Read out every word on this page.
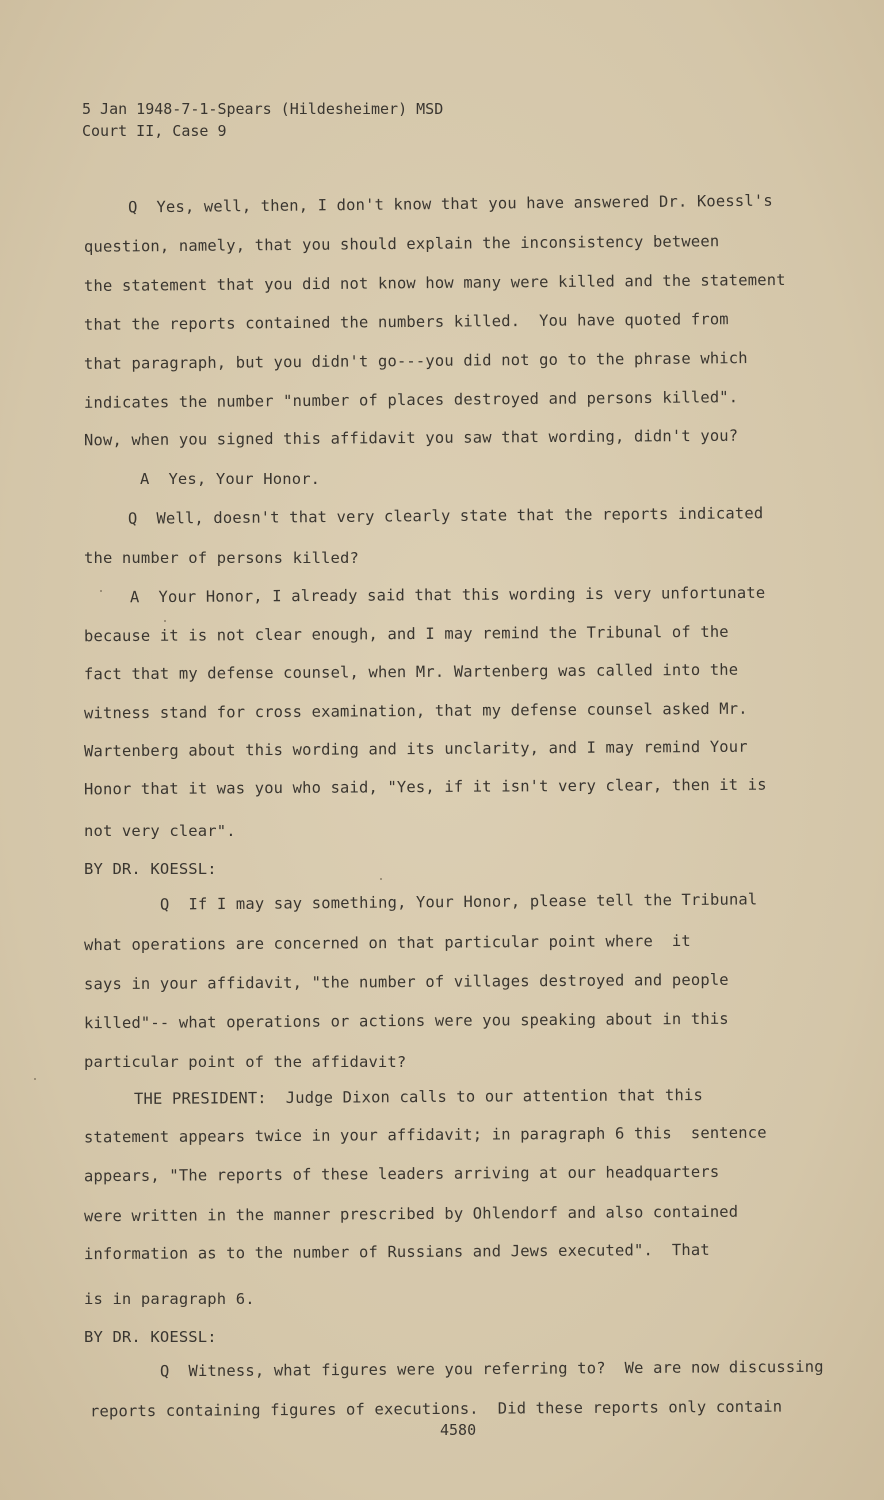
5 Jan 1948-7-1-Spears (Hildesheimer) MSD
Court II, Case 9
Q  Yes, well, then, I don't know that you have answered Dr. Koessl's
question, namely, that you should explain the inconsistency between
the statement that you did not know how many were killed and the statement
that the reports contained the numbers killed.  You have quoted from
that paragraph, but you didn't go---you did not go to the phrase which
indicates the number "number of places destroyed and persons killed".
Now, when you signed this affidavit you saw that wording, didn't you?
A  Yes, Your Honor.
Q  Well, doesn't that very clearly state that the reports indicated
the number of persons killed?
A  Your Honor, I already said that this wording is very unfortunate
because it is not clear enough, and I may remind the Tribunal of the
fact that my defense counsel, when Mr. Wartenberg was called into the
witness stand for cross examination, that my defense counsel asked Mr.
Wartenberg about this wording and its unclarity, and I may remind Your
Honor that it was you who said, "Yes, if it isn't very clear, then it is
not very clear".
BY DR. KOESSL:
Q  If I may say something, Your Honor, please tell the Tribunal
what operations are concerned on that particular point where  it
says in your affidavit, "the number of villages destroyed and people
killed"-- what operations or actions were you speaking about in this
particular point of the affidavit?
THE PRESIDENT:  Judge Dixon calls to our attention that this
statement appears twice in your affidavit; in paragraph 6 this  sentence
appears, "The reports of these leaders arriving at our headquarters
were written in the manner prescribed by Ohlendorf and also contained
information as to the number of Russians and Jews executed".  That
is in paragraph 6.
BY DR. KOESSL:
Q  Witness, what figures were you referring to?  We are now discussing
reports containing figures of executions.  Did these reports only contain
4580
